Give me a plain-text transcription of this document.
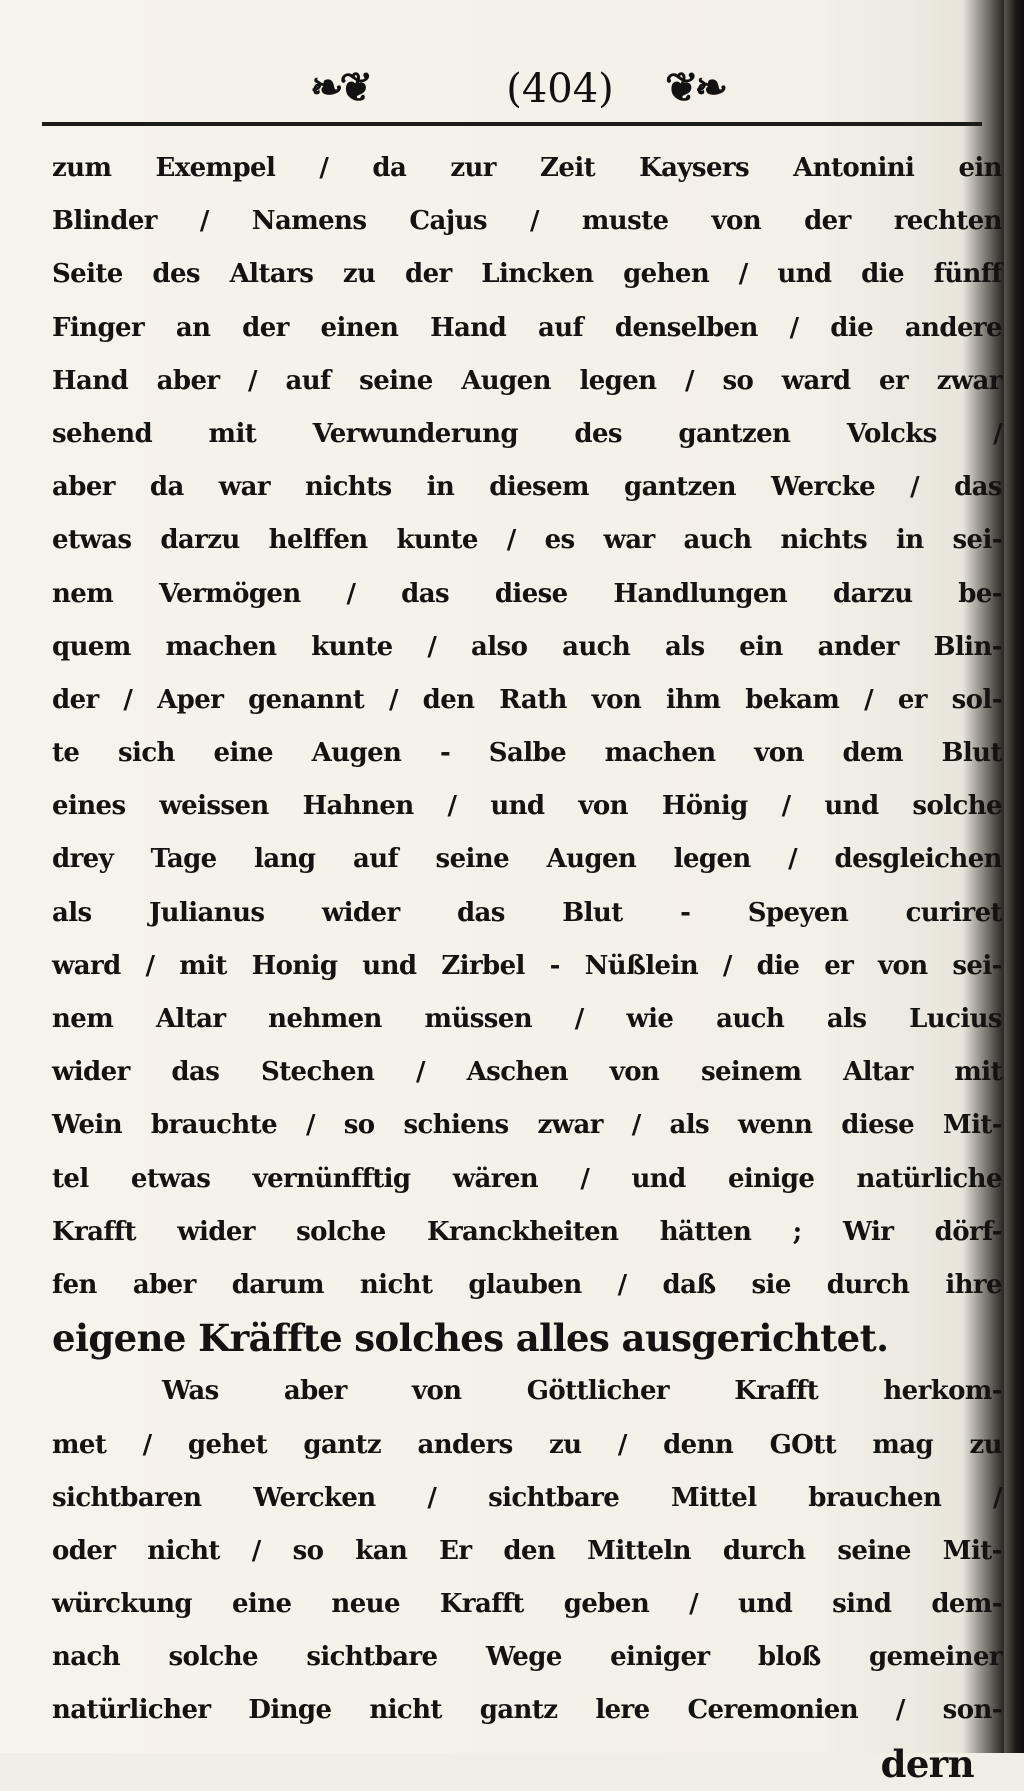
❧❦	(404)	❦❧
zum Exempel / da zur Zeit Kaysers Antonini ein
Blinder / Namens Cajus / muste von der rechten
Seite des Altars zu der Lincken gehen / und die fünff
Finger an der einen Hand auf denselben / die andere
Hand aber / auf seine Augen legen / so ward er zwar
sehend mit Verwunderung des gantzen Volcks /
aber da war nichts in diesem gantzen Wercke / das
etwas darzu helffen kunte / es war auch nichts in sei-
nem Vermögen / das diese Handlungen darzu be-
quem machen kunte / also auch als ein ander Blin-
der / Aper genannt / den Rath von ihm bekam / er sol-
te sich eine Augen - Salbe machen von dem Blut
eines weissen Hahnen / und von Hönig / und solche
drey Tage lang auf seine Augen legen / desgleichen
als Julianus wider das Blut - Speyen curiret
ward / mit Honig und Zirbel - Nüßlein / die er von sei-
nem Altar nehmen müssen / wie auch als Lucius
wider das Stechen / Aschen von seinem Altar mit
Wein brauchte / so schiens zwar / als wenn diese Mit-
tel etwas vernünfftig wären / und einige natürliche
Krafft wider solche Kranckheiten hätten ; Wir dörf-
fen aber darum nicht glauben / daß sie durch ihre
eigene Kräffte solches alles ausgerichtet.
Was	aber	von	Göttlicher	Krafft	herkom-
met / gehet gantz anders zu / denn GOtt mag zu
sichtbaren Wercken / sichtbare Mittel brauchen /
oder nicht / so kan Er den Mitteln durch seine Mit-
würckung eine neue Krafft geben / und sind dem-
nach solche sichtbare Wege einiger bloß gemeiner
natürlicher Dinge nicht gantz lere Ceremonien / son-
dern
